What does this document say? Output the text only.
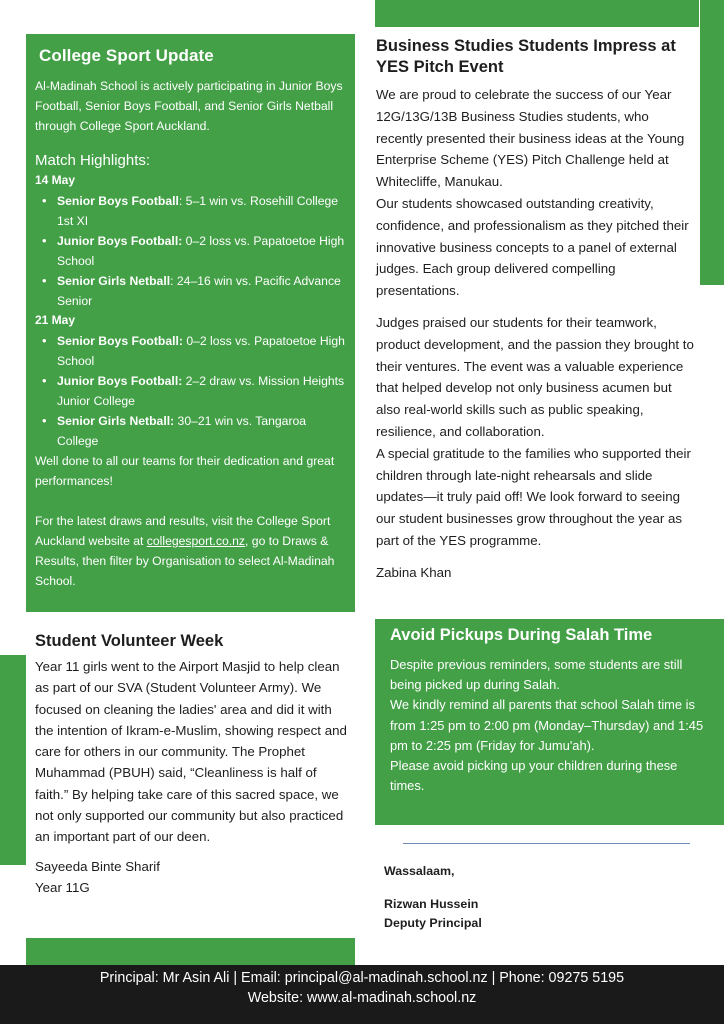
College Sport Update

Al-Madinah School is actively participating in Junior Boys Football, Senior Boys Football, and Senior Girls Netball through College Sport Auckland.

Match Highlights:
14 May
• Senior Boys Football: 5–1 win vs. Rosehill College 1st XI
• Junior Boys Football: 0–2 loss vs. Papatoetoe High School
• Senior Girls Netball: 24–16 win vs. Pacific Advance Senior
21 May
• Senior Boys Football: 0–2 loss vs. Papatoetoe High School
• Junior Boys Football: 2–2 draw vs. Mission Heights Junior College
• Senior Girls Netball: 30–21 win vs. Tangaroa College

Well done to all our teams for their dedication and great performances!

For the latest draws and results, visit the College Sport Auckland website at collegesport.co.nz, go to Draws & Results, then filter by Organisation to select Al-Madinah School.

Business Studies Students Impress at YES Pitch Event

We are proud to celebrate the success of our Year 12G/13G/13B Business Studies students, who recently presented their business ideas at the Young Enterprise Scheme (YES) Pitch Challenge held at Whitecliffe, Manukau.

Our students showcased outstanding creativity, confidence, and professionalism as they pitched their innovative business concepts to a panel of external judges. Each group delivered compelling presentations.

Judges praised our students for their teamwork, product development, and the passion they brought to their ventures. The event was a valuable experience that helped develop not only business acumen but also real-world skills such as public speaking, resilience, and collaboration.

A special gratitude to the families who supported their children through late-night rehearsals and slide updates—it truly paid off! We look forward to seeing our student businesses grow throughout the year as part of the YES programme.

Zabina Khan

Student Volunteer Week

Year 11 girls went to the Airport Masjid to help clean as part of our SVA (Student Volunteer Army). We focused on cleaning the ladies' area and did it with the intention of Ikram-e-Muslim, showing respect and care for others in our community. The Prophet Muhammad (PBUH) said, “Cleanliness is half of faith.” By helping take care of this sacred space, we not only supported our community but also practiced an important part of our deen.

Sayeeda Binte Sharif

Year 11G

Avoid Pickups During Salah Time

Despite previous reminders, some students are still being picked up during Salah.

We kindly remind all parents that school Salah time is from 1:25 pm to 2:00 pm (Monday–Thursday) and 1:45 pm to 2:25 pm (Friday for Jumu'ah).

Please avoid picking up your children during these times.

Wassalaam,
Rizwan Hussein
Deputy Principal
Principal: Mr Asin Ali | Email: principal@al-madinah.school.nz | Phone: 09275 5195
Website: www.al-madinah.school.nz
